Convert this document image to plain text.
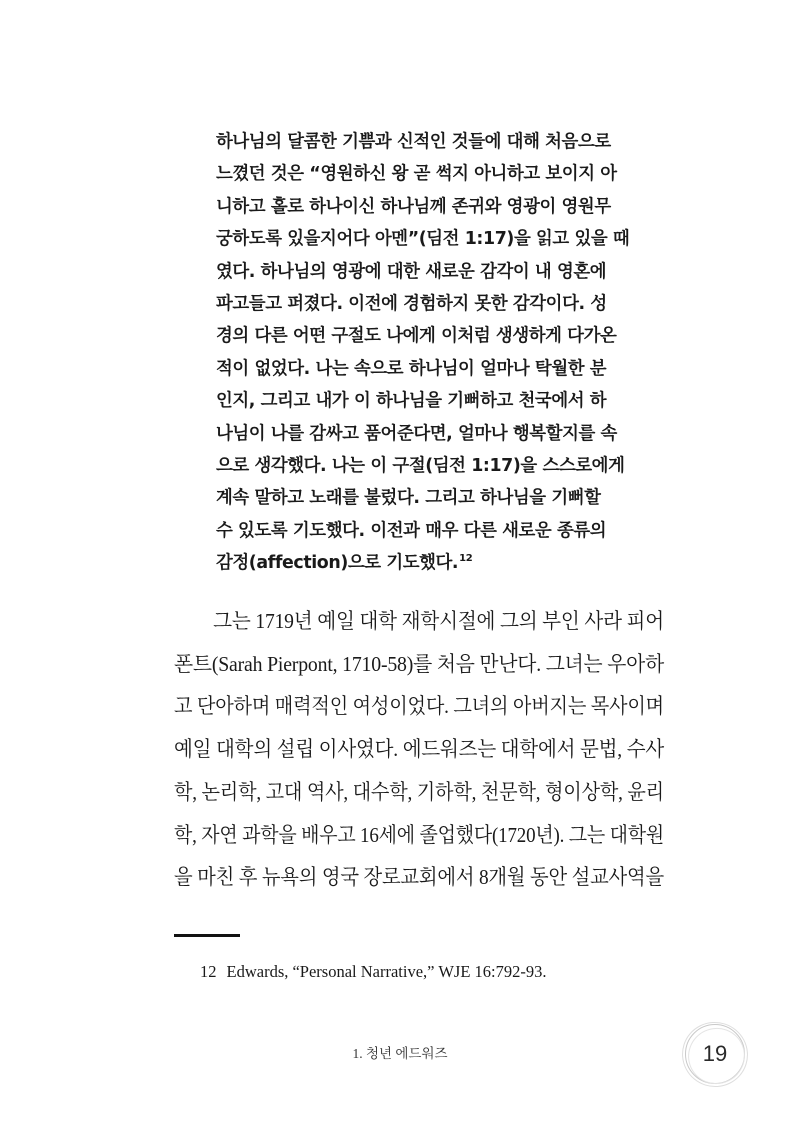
하나님의 달콤한 기쁨과 신적인 것들에 대해 처음으로
느꼈던 것은 “영원하신 왕 곧 썩지 아니하고 보이지 아
니하고 홀로 하나이신 하나님께 존귀와 영광이 영원무
궁하도록 있을지어다 아멘”(딤전 1:17)을 읽고 있을 때
였다. 하나님의 영광에 대한 새로운 감각이 내 영혼에
파고들고 퍼졌다. 이전에 경험하지 못한 감각이다. 성
경의 다른 어떤 구절도 나에게 이처럼 생생하게 다가온
적이 없었다. 나는 속으로 하나님이 얼마나 탁월한 분
인지, 그리고 내가 이 하나님을 기뻐하고 천국에서 하
나님이 나를 감싸고 품어준다면, 얼마나 행복할지를 속
으로 생각했다. 나는 이 구절(딤전 1:17)을 스스로에게
계속 말하고 노래를 불렀다. 그리고 하나님을 기뻐할
수 있도록 기도했다. 이전과 매우 다른 새로운 종류의
감정(affection)으로 기도했다.$^{12}$
그는 1719년 예일 대학 재학시절에 그의 부인 사라 피어
폰트(Sarah Pierpont, 1710-58)를 처음 만난다. 그녀는 우아하
고 단아하며 매력적인 여성이었다. 그녀의 아버지는 목사이며
예일 대학의 설립 이사였다. 에드워즈는 대학에서 문법, 수사
학, 논리학, 고대 역사, 대수학, 기하학, 천문학, 형이상학, 윤리
학, 자연 과학을 배우고 16세에 졸업했다(1720년). 그는 대학원
을 마친 후 뉴욕의 영국 장로교회에서 8개월 동안 설교사역을
12 Edwards, “Personal Narrative,” WJE 16:792-93.
1. 청년 에드워즈	19
